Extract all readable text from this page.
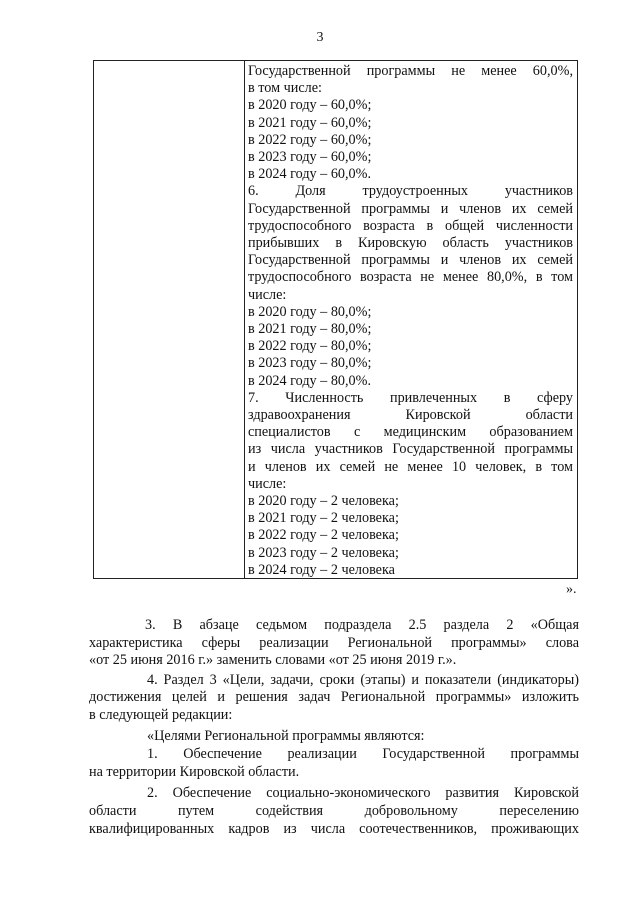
3
Государственной программы не менее 60,0%,
в том числе:
в 2020 году – 60,0%;
в 2021 году – 60,0%;
в 2022 году – 60,0%;
в 2023 году – 60,0%;
в 2024 году – 60,0%.
6. Доля трудоустроенных участников
Государственной программы и членов их семей
трудоспособного возраста в общей численности
прибывших в Кировскую область участников
Государственной программы и членов их семей
трудоспособного возраста не менее 80,0%, в том
числе:
в 2020 году – 80,0%;
в 2021 году – 80,0%;
в 2022 году – 80,0%;
в 2023 году – 80,0%;
в 2024 году – 80,0%.
7. Численность привлеченных в сферу
здравоохранения Кировской области
специалистов с медицинским образованием
из числа участников Государственной программы
и членов их семей не менее 10 человек, в том
числе:
в 2020 году – 2 человека;
в 2021 году – 2 человека;
в 2022 году – 2 человека;
в 2023 году – 2 человека;
в 2024 году – 2 человека
».
3. В абзаце седьмом подраздела 2.5 раздела 2 «Общая
характеристика сферы реализации Региональной программы» слова
«от 25 июня 2016 г.» заменить словами «от 25 июня 2019 г.».
4. Раздел 3 «Цели, задачи, сроки (этапы) и показатели (индикаторы)
достижения целей и решения задач Региональной программы» изложить
в следующей редакции:
«Целями Региональной программы являются:
1. Обеспечение реализации Государственной программы
на территории Кировской области.
2. Обеспечение социально-экономического развития Кировской
области путем содействия добровольному переселению
квалифицированных кадров из числа соотечественников, проживающих
